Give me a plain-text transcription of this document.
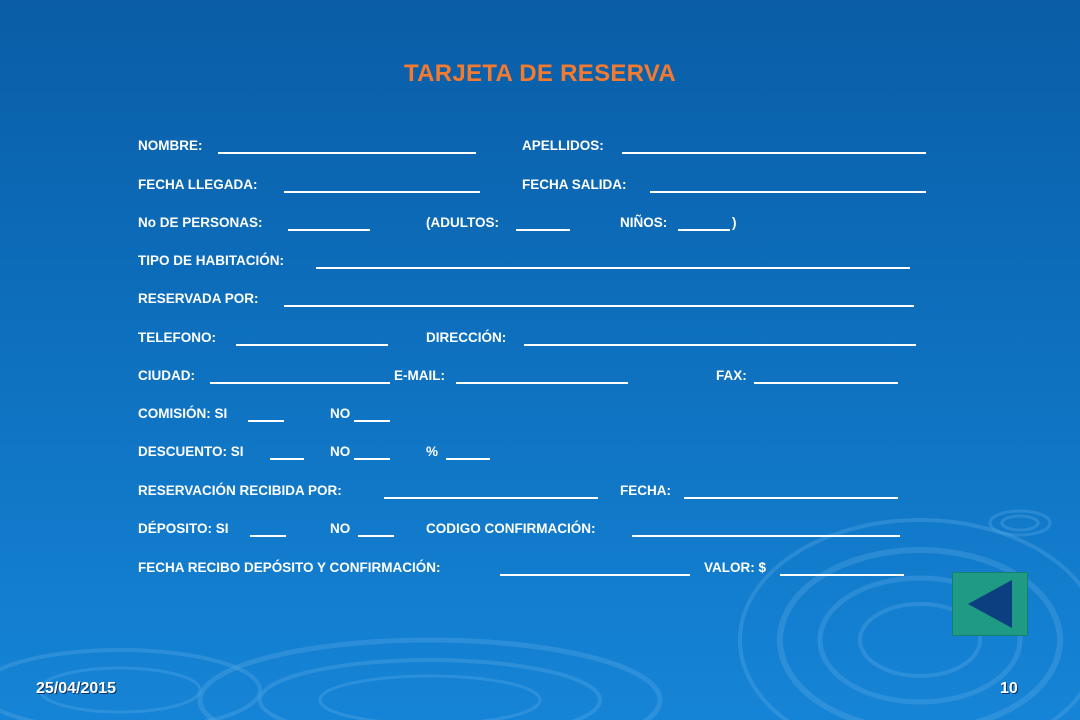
TARJETA DE RESERVA
NOMBRE:	APELLIDOS:
FECHA LLEGADA:	FECHA SALIDA:
No DE PERSONAS:	(ADULTOS:	NIÑOS:	)
TIPO DE HABITACIÓN:
RESERVADA POR:
TELEFONO:	DIRECCIÓN:
CIUDAD:	E-MAIL:	FAX:
COMISIÓN: SI	NO
DESCUENTO: SI	NO	%
RESERVACIÓN RECIBIDA POR:	FECHA:
DÉPOSITO: SI	NO	CODIGO CONFIRMACIÓN:
FECHA RECIBO DEPÓSITO Y CONFIRMACIÓN:	VALOR: $
25/04/2015	10
